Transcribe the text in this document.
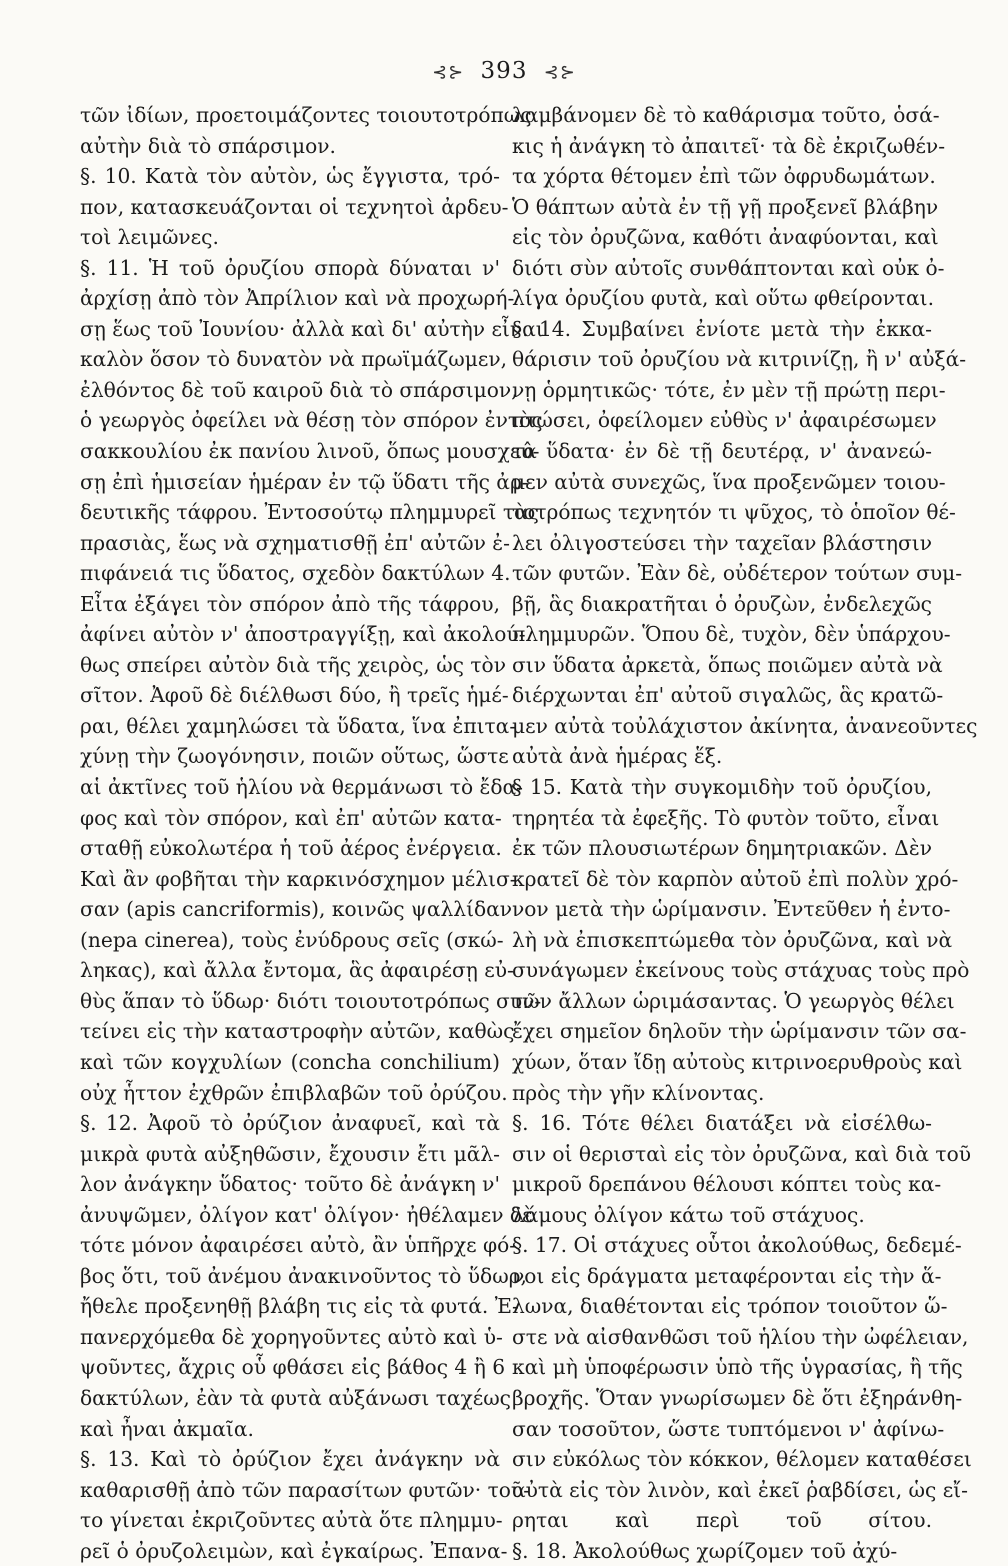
⊰⊱ 393 ⊰⊱
τῶν ἰδίων, προετοιμάζοντες τοιουτοτρόπως
αὐτὴν διὰ τὸ σπάρσιμον.
§. 10. Κατὰ τὸν αὐτὸν, ὡς ἔγγιστα, τρό-
πον, κατασκευάζονται οἱ τεχνητοὶ ἀρδευ-
τοὶ λειμῶνες.
§. 11. Ἡ τοῦ ὀρυζίου σπορὰ δύναται ν'
ἀρχίσῃ ἀπὸ τὸν Ἀπρίλιον καὶ νὰ προχωρή-
σῃ ἕως τοῦ Ἰουνίου· ἀλλὰ καὶ δι' αὐτὴν εἶναι
καλὸν ὅσον τὸ δυνατὸν νὰ πρωϊμάζωμεν,
ἐλθόντος δὲ τοῦ καιροῦ διὰ τὸ σπάρσιμον,
ὁ γεωργὸς ὀφείλει νὰ θέσῃ τὸν σπόρον ἐντὸς
σακκουλίου ἐκ πανίου λινοῦ, ὅπως μουσχεύ-
σῃ ἐπὶ ἡμισείαν ἡμέραν ἐν τῷ ὕδατι τῆς ἀρ-
δευτικῆς τάφρου. Ἐντοσούτῳ πλημμυρεῖ τὰς
πρασιὰς, ἕως νὰ σχηματισθῇ ἐπ' αὐτῶν ἐ-
πιφάνειά τις ὕδατος, σχεδὸν δακτύλων 4.
Εἶτα ἐξάγει τὸν σπόρον ἀπὸ τῆς τάφρου,
ἀφίνει αὐτὸν ν' ἀποστραγγίξῃ, καὶ ἀκολού-
θως σπείρει αὐτὸν διὰ τῆς χειρὸς, ὡς τὸν
σῖτον. Ἀφοῦ δὲ διέλθωσι δύο, ἢ τρεῖς ἡμέ-
ραι, θέλει χαμηλώσει τὰ ὕδατα, ἵνα ἐπιτα-
χύνῃ τὴν ζωογόνησιν, ποιῶν οὕτως, ὥστε
αἱ ἀκτῖνες τοῦ ἡλίου νὰ θερμάνωσι τὸ ἔδα-
φος καὶ τὸν σπόρον, καὶ ἐπ' αὐτῶν κατα-
σταθῇ εὐκολωτέρα ἡ τοῦ ἀέρος ἐνέργεια.
Καὶ ἂν φοβῆται τὴν καρκινόσχημον μέλισ-
σαν (apis cancriformis), κοινῶς ψαλλίδαν
(nepa cinerea), τοὺς ἐνύδρους σεῖς (σκώ-
ληκας), καὶ ἄλλα ἔντομα, ἃς ἀφαιρέσῃ εὐ-
θὺς ἅπαν τὸ ὕδωρ· διότι τοιουτοτρόπως συν-
τείνει εἰς τὴν καταστροφὴν αὐτῶν, καθὼς
καὶ τῶν κογχυλίων (concha conchilium)
οὐχ ἧττον ἐχθρῶν ἐπιβλαβῶν τοῦ ὀρύζου.
§. 12. Ἀφοῦ τὸ ὀρύζιον ἀναφυεῖ, καὶ τὰ
μικρὰ φυτὰ αὐξηθῶσιν, ἔχουσιν ἔτι μᾶλ-
λον ἀνάγκην ὕδατος· τοῦτο δὲ ἀνάγκη ν'
ἀνυψῶμεν, ὀλίγον κατ' ὀλίγον· ἠθέλαμεν δὲ
τότε μόνον ἀφαιρέσει αὐτὸ, ἂν ὑπῆρχε φό-
βος ὅτι, τοῦ ἀνέμου ἀνακινοῦντος τὸ ὕδωρ,
ἤθελε προξενηθῇ βλάβη τις εἰς τὰ φυτά. Ἐ-
πανερχόμεθα δὲ χορηγοῦντες αὐτὸ καὶ ὑ-
ψοῦντες, ἄχρις οὗ φθάσει εἰς βάθος 4 ἢ 6
δακτύλων, ἐὰν τὰ φυτὰ αὐξάνωσι ταχέως
καὶ ἦναι ἀκμαῖα.
§. 13. Καὶ τὸ ὀρύζιον ἔχει ἀνάγκην νὰ
καθαρισθῇ ἀπὸ τῶν παρασίτων φυτῶν· τοῦ-
το γίνεται ἐκριζοῦντες αὐτὰ ὅτε πλημμυ-
ρεῖ ὁ ὀρυζολειμὼν, καὶ ἐγκαίρως. Ἐπανα-
λαμβάνομεν δὲ τὸ καθάρισμα τοῦτο, ὁσά-
κις ἡ ἀνάγκη τὸ ἀπαιτεῖ· τὰ δὲ ἐκριζωθέν-
τα χόρτα θέτομεν ἐπὶ τῶν ὀφρυδωμάτων.
Ὁ θάπτων αὐτὰ ἐν τῇ γῇ προξενεῖ βλάβην
εἰς τὸν ὀρυζῶνα, καθότι ἀναφύονται, καὶ
διότι σὺν αὐτοῖς συνθάπτονται καὶ οὐκ ὀ-
λίγα ὀρυζίου φυτὰ, καὶ οὕτω φθείρονται.
§. 14. Συμβαίνει ἐνίοτε μετὰ τὴν ἐκκα-
θάρισιν τοῦ ὀρυζίου νὰ κιτρινίζῃ, ἢ ν' αὐξά-
νῃ ὁρμητικῶς· τότε, ἐν μὲν τῇ πρώτῃ περι-
πτώσει, ὀφείλομεν εὐθὺς ν' ἀφαιρέσωμεν
τὰ ὕδατα· ἐν δὲ τῇ δευτέρᾳ, ν' ἀνανεώ-
μεν αὐτὰ συνεχῶς, ἵνα προξενῶμεν τοιου-
τοτρόπως τεχνητόν τι ψῦχος, τὸ ὁποῖον θέ-
λει ὀλιγοστεύσει τὴν ταχεῖαν βλάστησιν
τῶν φυτῶν. Ἐὰν δὲ, οὐδέτερον τούτων συμ-
βῇ, ἃς διακρατῆται ὁ ὀρυζὼν, ἐνδελεχῶς
πλημμυρῶν. Ὅπου δὲ, τυχὸν, δὲν ὑπάρχου-
σιν ὕδατα ἀρκετὰ, ὅπως ποιῶμεν αὐτὰ νὰ
διέρχωνται ἐπ' αὐτοῦ σιγαλῶς, ἃς κρατῶ-
μεν αὐτὰ τοὐλάχιστον ἀκίνητα, ἀνανεοῦντες
αὐτὰ ἀνὰ ἡμέρας ἕξ.
§ 15. Κατὰ τὴν συγκομιδὴν τοῦ ὀρυζίου,
τηρητέα τὰ ἐφεξῆς. Τὸ φυτὸν τοῦτο, εἶναι
ἐκ τῶν πλουσιωτέρων δημητριακῶν. Δὲν
κρατεῖ δὲ τὸν καρπὸν αὐτοῦ ἐπὶ πολὺν χρό-
νον μετὰ τὴν ὡρίμανσιν. Ἐντεῦθεν ἡ ἐντο-
λὴ νὰ ἐπισκεπτώμεθα τὸν ὀρυζῶνα, καὶ νὰ
συνάγωμεν ἐκείνους τοὺς στάχυας τοὺς πρὸ
τῶν ἄλλων ὡριμάσαντας. Ὁ γεωργὸς θέλει
ἔχει σημεῖον δηλοῦν τὴν ὡρίμανσιν τῶν σα-
χύων, ὅταν ἴδῃ αὐτοὺς κιτρινοερυθροὺς καὶ
πρὸς τὴν γῆν κλίνοντας.
§. 16. Τότε θέλει διατάξει νὰ εἰσέλθω-
σιν οἱ θερισταὶ εἰς τὸν ὀρυζῶνα, καὶ διὰ τοῦ
μικροῦ δρεπάνου θέλουσι κόπτει τοὺς κα-
λάμους ὀλίγον κάτω τοῦ στάχυος.
§. 17. Οἱ στάχυες οὗτοι ἀκολούθως, δεδεμέ-
νοι εἰς δράγματα μεταφέρονται εἰς τὴν ἅ-
λωνα, διαθέτονται εἰς τρόπον τοιοῦτον ὥ-
στε νὰ αἰσθανθῶσι τοῦ ἡλίου τὴν ὠφέλειαν,
καὶ μὴ ὑποφέρωσιν ὑπὸ τῆς ὑγρασίας, ἢ τῆς
βροχῆς. Ὅταν γνωρίσωμεν δὲ ὅτι ἐξηράνθη-
σαν τοσοῦτον, ὥστε τυπτόμενοι ν' ἀφίνω-
σιν εὐκόλως τὸν κόκκον, θέλομεν καταθέσει
αὐτὰ εἰς τὸν λινὸν, καὶ ἐκεῖ ῥαβδίσει, ὡς εἴ-
ρηται καὶ περὶ τοῦ σίτου.
§. 18. Ἀκολούθως χωρίζομεν τοῦ ἀχύ-
